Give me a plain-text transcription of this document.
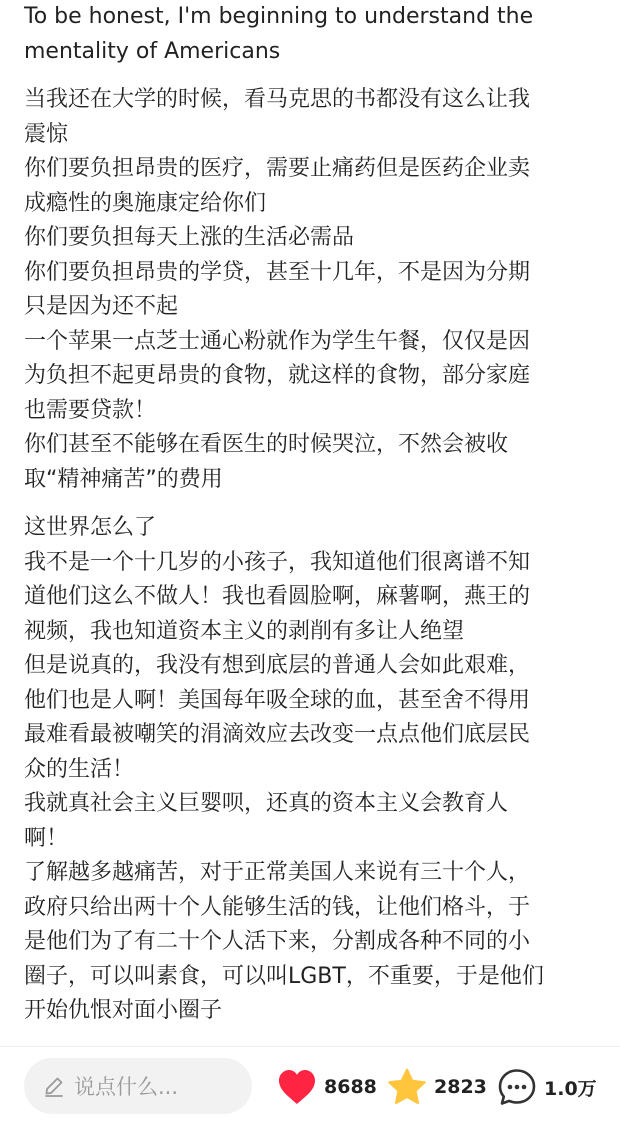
To be honest, I'm beginning to understand the
mentality of Americans

当我还在大学的时候，看马克思的书都没有这么让我
震惊
你们要负担昂贵的医疗，需要止痛药但是医药企业卖
成瘾性的奥施康定给你们
你们要负担每天上涨的生活必需品
你们要负担昂贵的学贷，甚至十几年，不是因为分期
只是因为还不起
一个苹果一点芝士通心粉就作为学生午餐，仅仅是因
为负担不起更昂贵的食物，就这样的食物，部分家庭
也需要贷款！
你们甚至不能够在看医生的时候哭泣，不然会被收
取“精神痛苦”的费用

这世界怎么了
我不是一个十几岁的小孩子，我知道他们很离谱不知
道他们这么不做人！我也看圆脸啊，麻薯啊，燕王的
视频，我也知道资本主义的剥削有多让人绝望
但是说真的，我没有想到底层的普通人会如此艰难，
他们也是人啊！美国每年吸全球的血，甚至舍不得用
最难看最被嘲笑的涓滴效应去改变一点点他们底层民
众的生活！
我就真社会主义巨婴呗，还真的资本主义会教育人
啊！
了解越多越痛苦，对于正常美国人来说有三十个人，
政府只给出两十个人能够生活的钱，让他们格斗，于
是他们为了有二十个人活下来，分割成各种不同的小
圈子，可以叫素食，可以叫LGBT，不重要，于是他们
开始仇恨对面小圈子

说点什么...	8688	2823	1.0万
